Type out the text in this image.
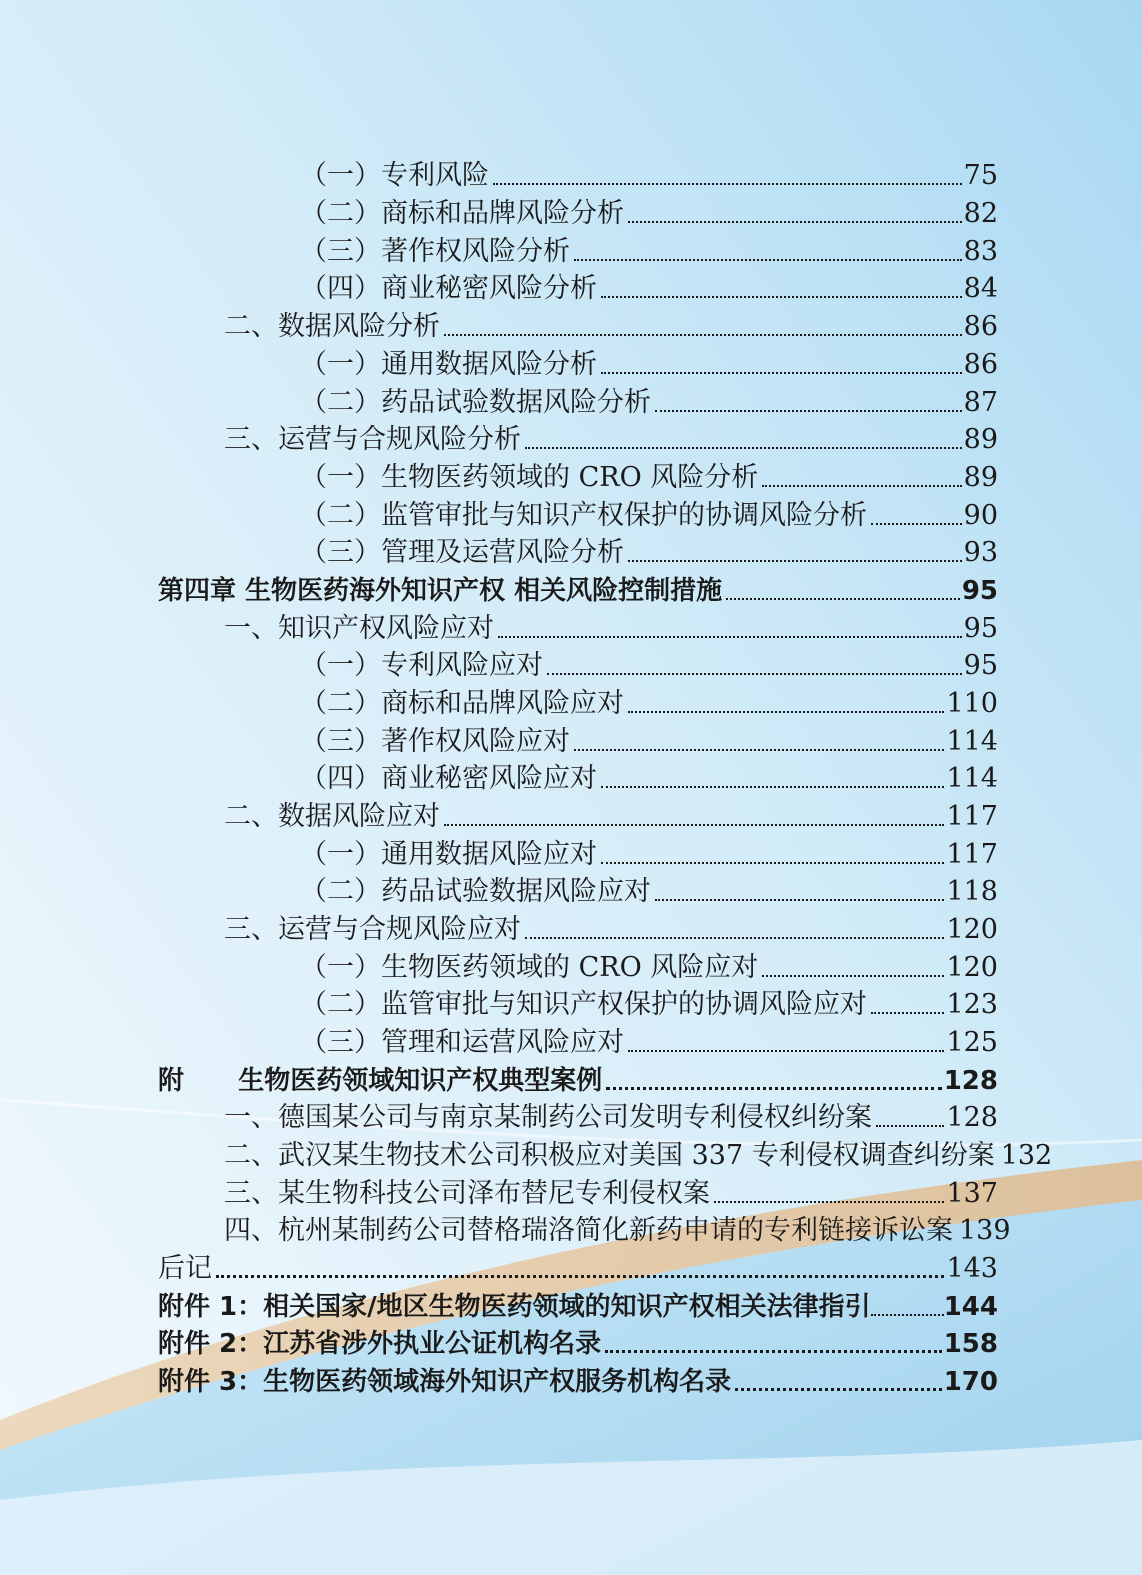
（一）专利风险	75
（二）商标和品牌风险分析	82
（三）著作权风险分析	83
（四）商业秘密风险分析	84
二、数据风险分析	86
（一）通用数据风险分析	86
（二）药品试验数据风险分析	87
三、运营与合规风险分析	89
（一）生物医药领域的 CRO 风险分析	89
（二）监管审批与知识产权保护的协调风险分析	90
（三）管理及运营风险分析	93
第四章 生物医药海外知识产权 相关风险控制措施	95
一、知识产权风险应对	95
（一）专利风险应对	95
（二）商标和品牌风险应对	110
（三）著作权风险应对	114
（四）商业秘密风险应对	114
二、数据风险应对	117
（一）通用数据风险应对	117
（二）药品试验数据风险应对	118
三、运营与合规风险应对	120
（一）生物医药领域的 CRO 风险应对	120
（二）监管审批与知识产权保护的协调风险应对	123
（三）管理和运营风险应对	125
附      生物医药领域知识产权典型案例	128
一、德国某公司与南京某制药公司发明专利侵权纠纷案	128
二、武汉某生物技术公司积极应对美国 337 专利侵权调查纠纷案 132
三、某生物科技公司泽布替尼专利侵权案	137
四、杭州某制药公司替格瑞洛简化新药申请的专利链接诉讼案 139
后记	143
附件 1：相关国家/地区生物医药领域的知识产权相关法律指引	144
附件 2：江苏省涉外执业公证机构名录	158
附件 3：生物医药领域海外知识产权服务机构名录	170
